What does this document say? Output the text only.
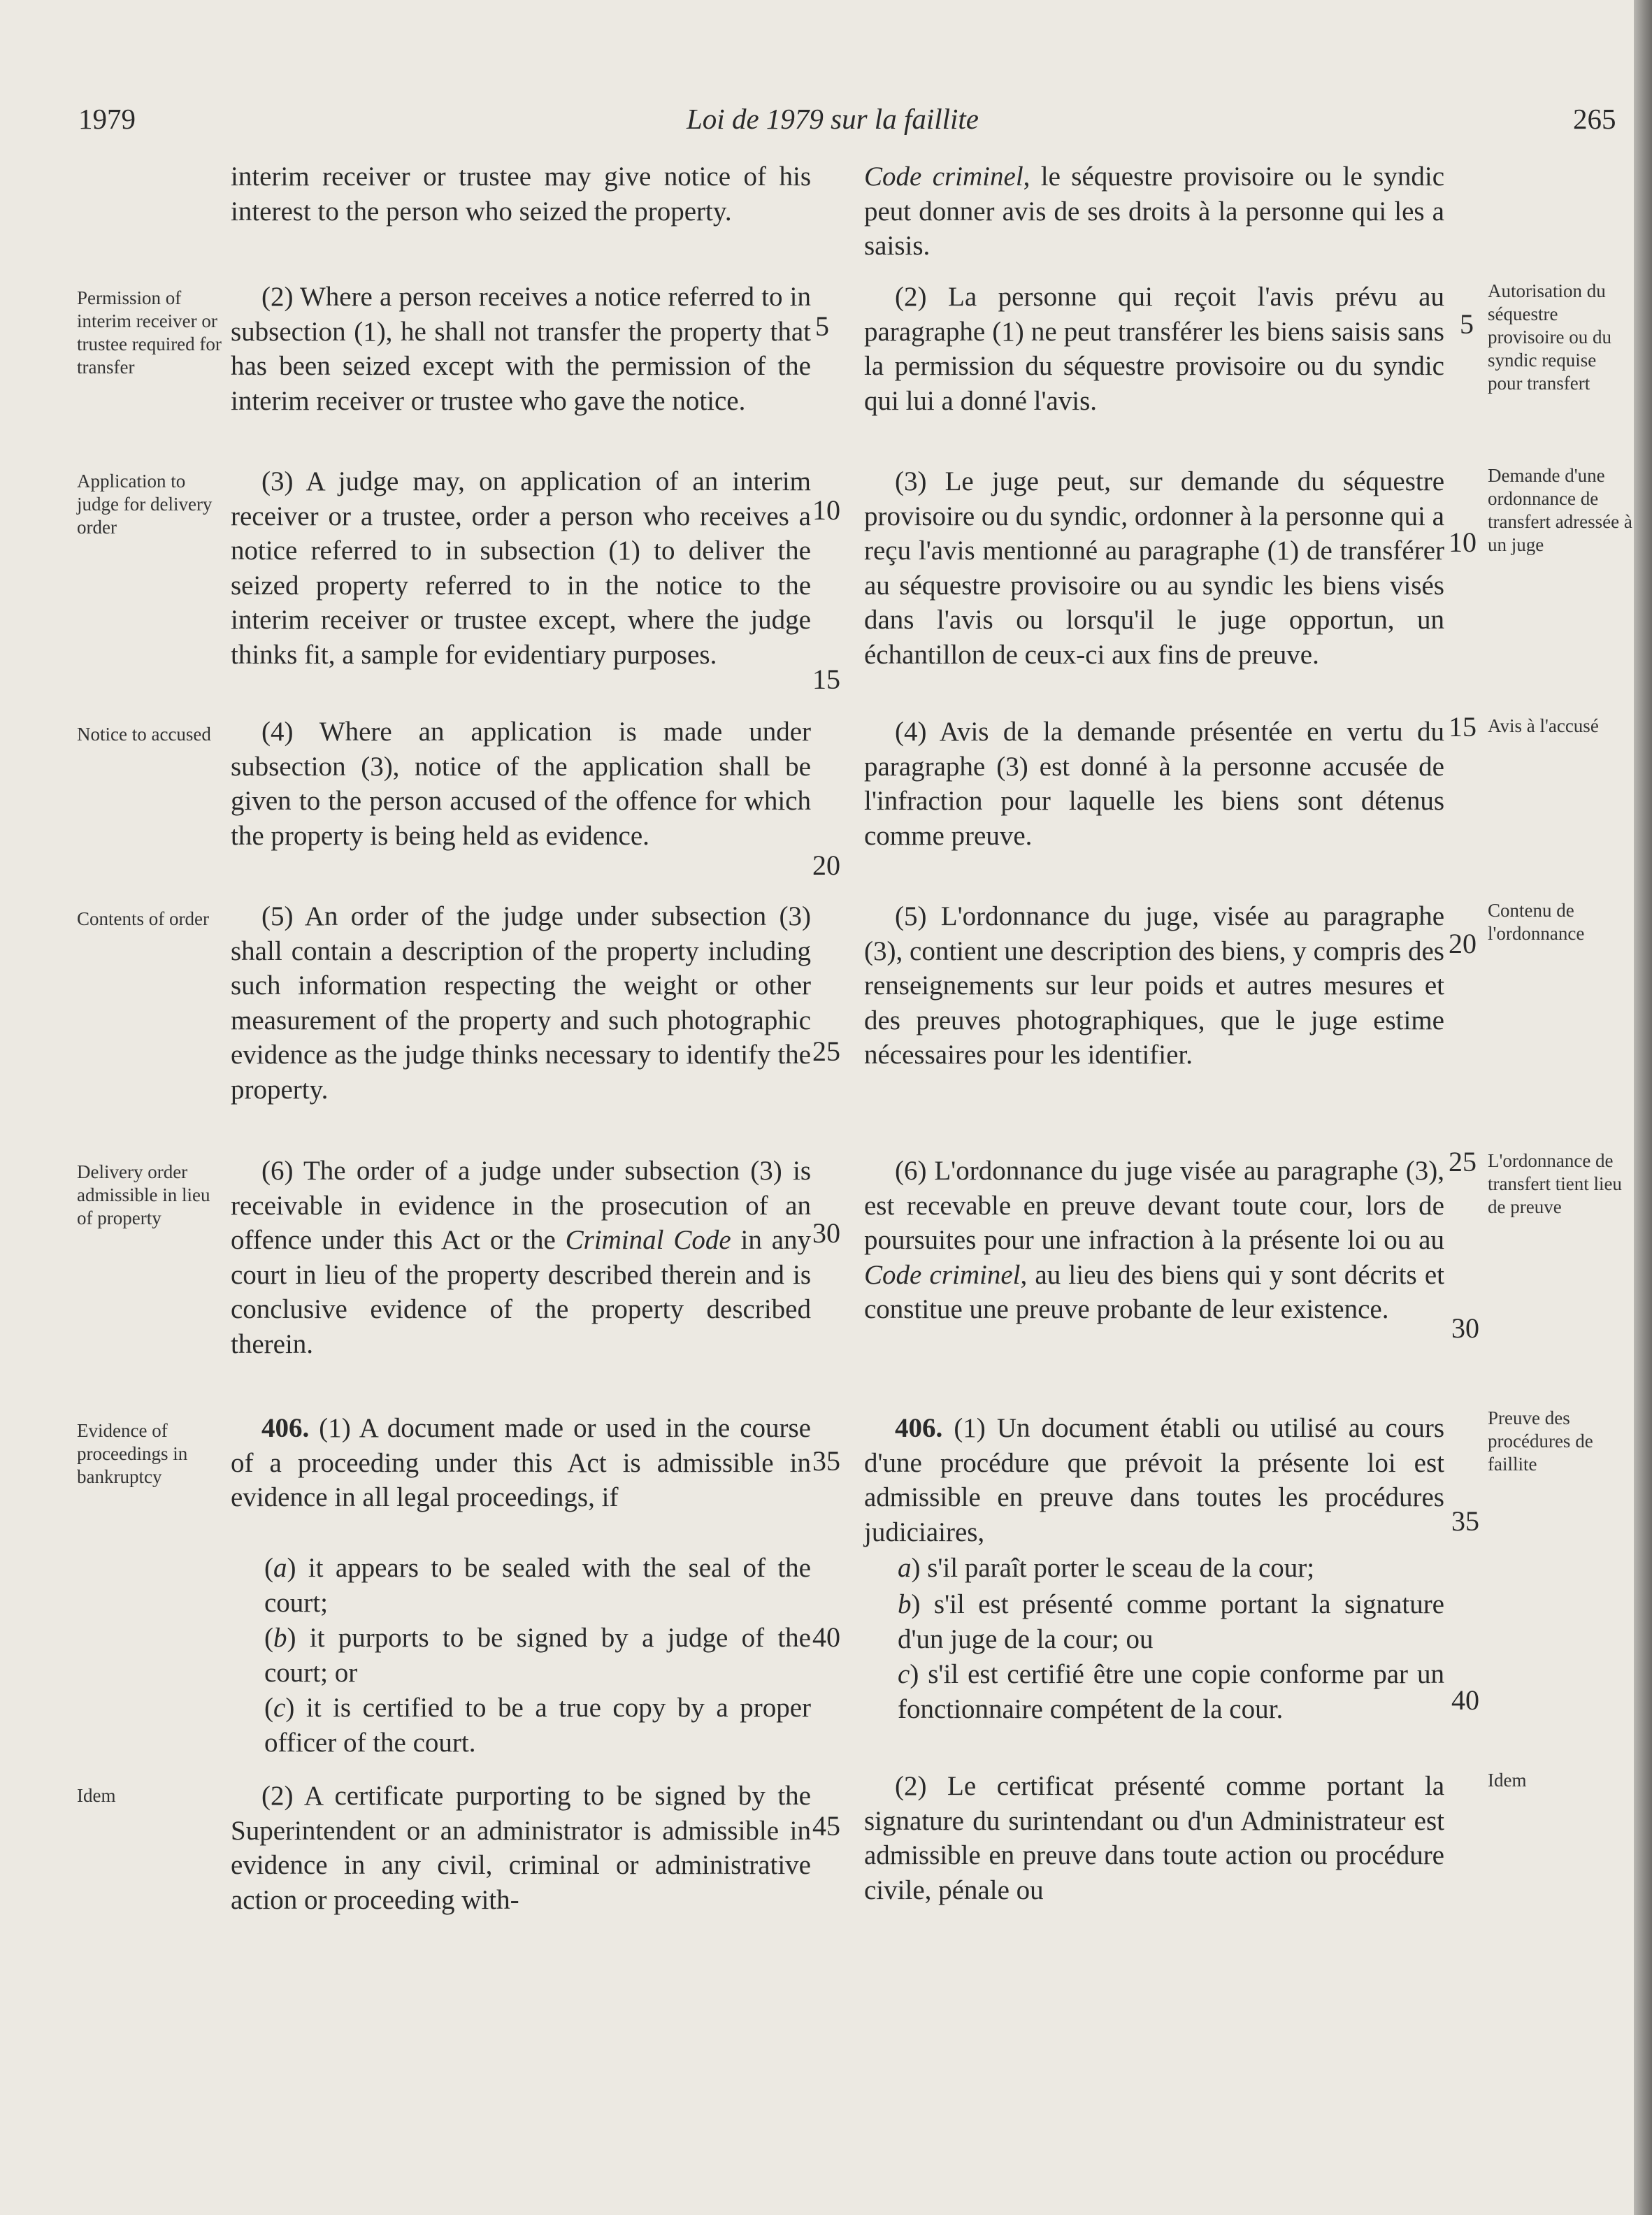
1979	Loi de 1979 sur la faillite	265
Permission of interim receiver or trustee required for transfer
Application to judge for delivery order
Notice to accused
Contents of order
Delivery order admissible in lieu of property
Evidence of proceedings in bankruptcy
Idem
Autorisation du séquestre provisoire ou du syndic requise pour transfert
Demande d'une ordonnance de transfert adressée à un juge
Avis à l'accusé
Contenu de l'ordonnance
L'ordonnance de transfert tient lieu de preuve
Preuve des procédures de faillite
Idem

interim receiver or trustee may give notice of his interest to the person who seized the property.

(2) Where a person receives a notice referred to in subsection (1), he shall not transfer the property that has been seized except with the permission of the interim receiver or trustee who gave the notice.

(3) A judge may, on application of an interim receiver or a trustee, order a person who receives a notice referred to in subsection (1) to deliver the seized property referred to in the notice to the interim receiver or trustee except, where the judge thinks fit, a sample for evidentiary purposes.

(4) Where an application is made under subsection (3), notice of the application shall be given to the person accused of the offence for which the property is being held as evidence.

(5) An order of the judge under subsection (3) shall contain a description of the property including such information respecting the weight or other measurement of the property and such photographic evidence as the judge thinks necessary to identify the property.

(6) The order of a judge under subsection (3) is receivable in evidence in the prosecution of an offence under this Act or the Criminal Code in any court in lieu of the property described therein and is conclusive evidence of the property described therein.

406. (1) A document made or used in the course of a proceeding under this Act is admissible in evidence in all legal proceedings, if

(a) it appears to be sealed with the seal of the court;

(b) it purports to be signed by a judge of the court; or

(c) it is certified to be a true copy by a proper officer of the court.

(2) A certificate purporting to be signed by the Superintendent or an administrator is admissible in evidence in any civil, criminal or administrative action or proceeding with-

5
10
15
20
25
30
35
40
45

Code criminel, le séquestre provisoire ou le syndic peut donner avis de ses droits à la personne qui les a saisis.

(2) La personne qui reçoit l'avis prévu au paragraphe (1) ne peut transférer les biens saisis sans la permission du séquestre provisoire ou du syndic qui lui a donné l'avis.

(3) Le juge peut, sur demande du séquestre provisoire ou du syndic, ordonner à la personne qui a reçu l'avis mentionné au paragraphe (1) de transférer au séquestre provisoire ou au syndic les biens visés dans l'avis ou lorsqu'il le juge opportun, un échantillon de ceux-ci aux fins de preuve.

(4) Avis de la demande présentée en vertu du paragraphe (3) est donné à la personne accusée de l'infraction pour laquelle les biens sont détenus comme preuve.

(5) L'ordonnance du juge, visée au paragraphe (3), contient une description des biens, y compris des renseignements sur leur poids et autres mesures et des preuves photographiques, que le juge estime nécessaires pour les identifier.

(6) L'ordonnance du juge visée au paragraphe (3), est recevable en preuve devant toute cour, lors de poursuites pour une infraction à la présente loi ou au Code criminel, au lieu des biens qui y sont décrits et constitue une preuve probante de leur existence.

406. (1) Un document établi ou utilisé au cours d'une procédure que prévoit la présente loi est admissible en preuve dans toutes les procédures judiciaires,

a) s'il paraît porter le sceau de la cour;

b) s'il est présenté comme portant la signature d'un juge de la cour; ou

c) s'il est certifié être une copie conforme par un fonctionnaire compétent de la cour.

(2) Le certificat présenté comme portant la signature du surintendant ou d'un Administrateur est admissible en preuve dans toute action ou procédure civile, pénale ou

5
10
15
20
25
30
35
40
